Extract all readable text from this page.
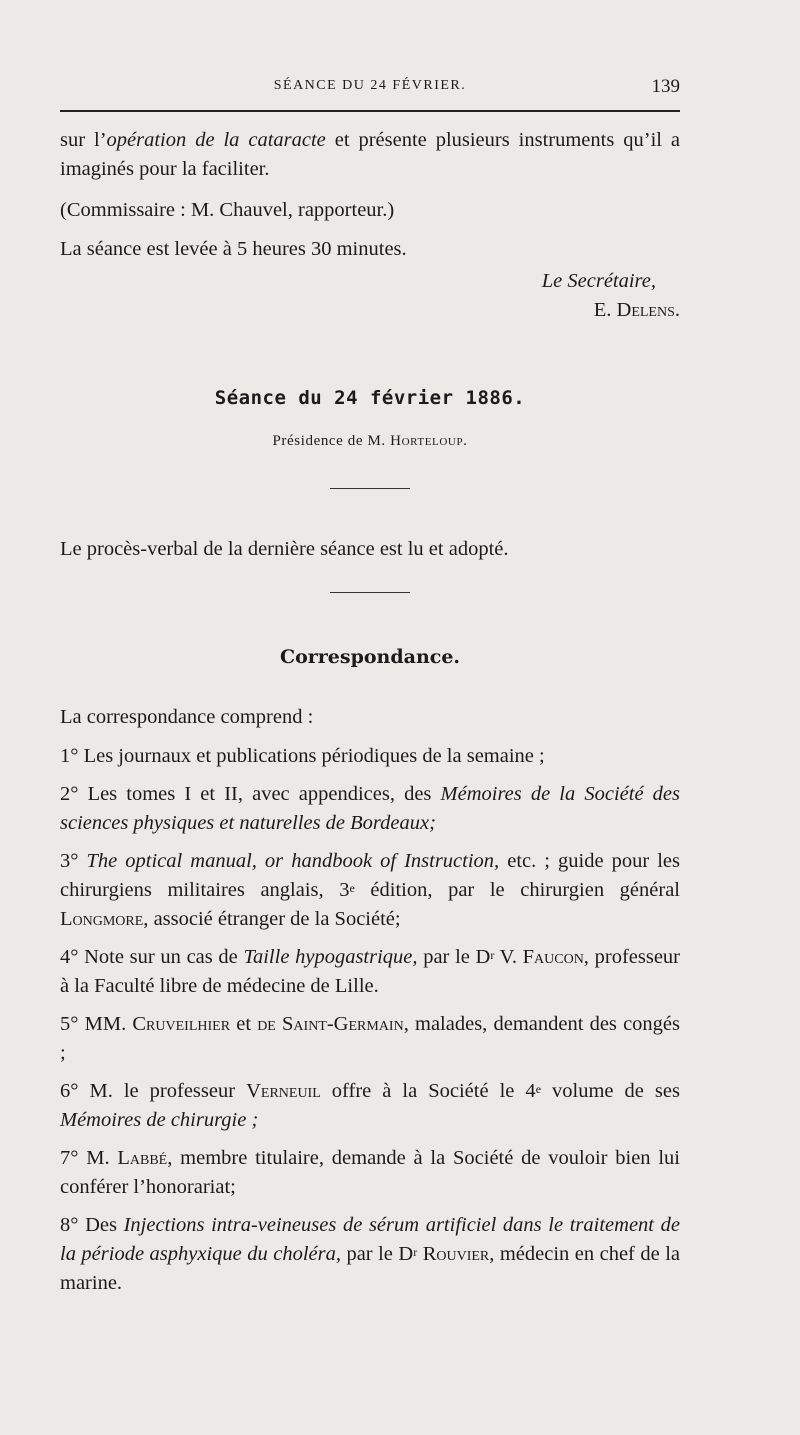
SÉANCE DU 24 FÉVRIER.	139

sur l’opération de la cataracte et présente plusieurs instruments qu’il a imaginés pour la faciliter.

(Commissaire : M. Chauvel, rapporteur.)

La séance est levée à 5 heures 30 minutes.

Le Secrétaire,

E. Delens.

Séance du 24 février 1886.

Présidence de M. Horteloup.

Le procès-verbal de la dernière séance est lu et adopté.

Correspondance.

La correspondance comprend :

1° Les journaux et publications périodiques de la semaine ;

2° Les tomes I et II, avec appendices, des Mémoires de la Société des sciences physiques et naturelles de Bordeaux;

3° The optical manual, or handbook of Instruction, etc. ; guide pour les chirurgiens militaires anglais, 3e édition, par le chirurgien général Longmore, associé étranger de la Société;

4° Note sur un cas de Taille hypogastrique, par le $D^r$ V. Faucon, professeur à la Faculté libre de médecine de Lille.

5° MM. Cruveilhier et de Saint-Germain, malades, demandent des congés ;

6° M. le professeur Verneuil offre à la Société le 4e volume de ses Mémoires de chirurgie ;

7° M. Labbé, membre titulaire, demande à la Société de vouloir bien lui conférer l’honorariat;

8° Des Injections intra-veineuses de sérum artificiel dans le traitement de la période asphyxique du choléra, par le $D^r$ Rouvier, médecin en chef de la marine.
